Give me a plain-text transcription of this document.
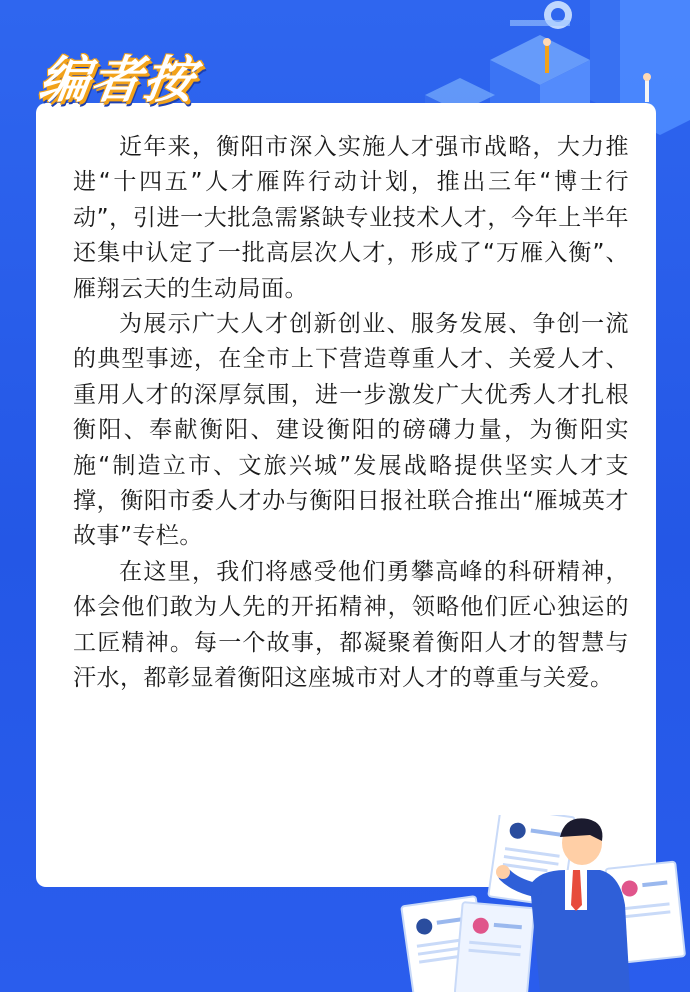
编者按

近年来，衡阳市深入实施人才强市战略，大力推进“十四五”人才雁阵行动计划，推出三年“博士行动”，引进一大批急需紧缺专业技术人才，今年上半年还集中认定了一批高层次人才，形成了“万雁入衡”、雁翔云天的生动局面。

为展示广大人才创新创业、服务发展、争创一流的典型事迹，在全市上下营造尊重人才、关爱人才、重用人才的深厚氛围，进一步激发广大优秀人才扎根衡阳、奉献衡阳、建设衡阳的磅礴力量，为衡阳实施“制造立市、文旅兴城”发展战略提供坚实人才支撑，衡阳市委人才办与衡阳日报社联合推出“雁城英才故事”专栏。

在这里，我们将感受他们勇攀高峰的科研精神，体会他们敢为人先的开拓精神，领略他们匠心独运的工匠精神。每一个故事，都凝聚着衡阳人才的智慧与汗水，都彰显着衡阳这座城市对人才的尊重与关爱。
